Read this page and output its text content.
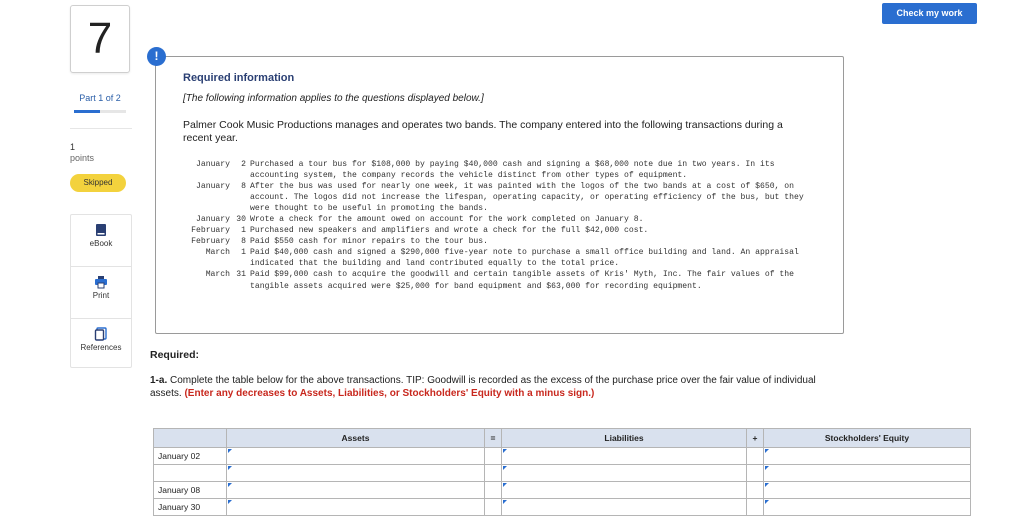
7
Part 1 of 2
1
points
Skipped
eBook
Print
References
Check my work
!
Required information
[The following information applies to the questions displayed below.]
Palmer Cook Music Productions manages and operates two bands. The company entered into the following transactions during a recent year.
January	2 Purchased a tour bus for $108,000 by paying $40,000 cash and signing a $68,000 note due in two years. In its accounting system, the company records the vehicle distinct from other types of equipment.
January	8 After the bus was used for nearly one week, it was painted with the logos of the two bands at a cost of $650, on account. The logos did not increase the lifespan, operating capacity, or operating efficiency of the bus, but they were thought to be useful in promoting the bands.
January 30 Wrote a check for the amount owed on account for the work completed on January 8.
February	1 Purchased new speakers and amplifiers and wrote a check for the full $42,000 cost.
February	8 Paid $550 cash for minor repairs to the tour bus.
March	1 Paid $40,000 cash and signed a $290,000 five-year note to purchase a small office building and land. An appraisal indicated that the building and land contributed equally to the total price.
March 31 Paid $99,000 cash to acquire the goodwill and certain tangible assets of Kris' Myth, Inc. The fair values of the tangible assets acquired were $25,000 for band equipment and $63,000 for recording equipment.
Required:
1-a. Complete the table below for the above transactions. TIP: Goodwill is recorded as the excess of the purchase price over the fair value of individual assets. (Enter any decreases to Assets, Liabilities, or Stockholders' Equity with a minus sign.)
	Assets	=	Liabilities	+	Stockholders' Equity
January 02	

January 08	

January 30	
